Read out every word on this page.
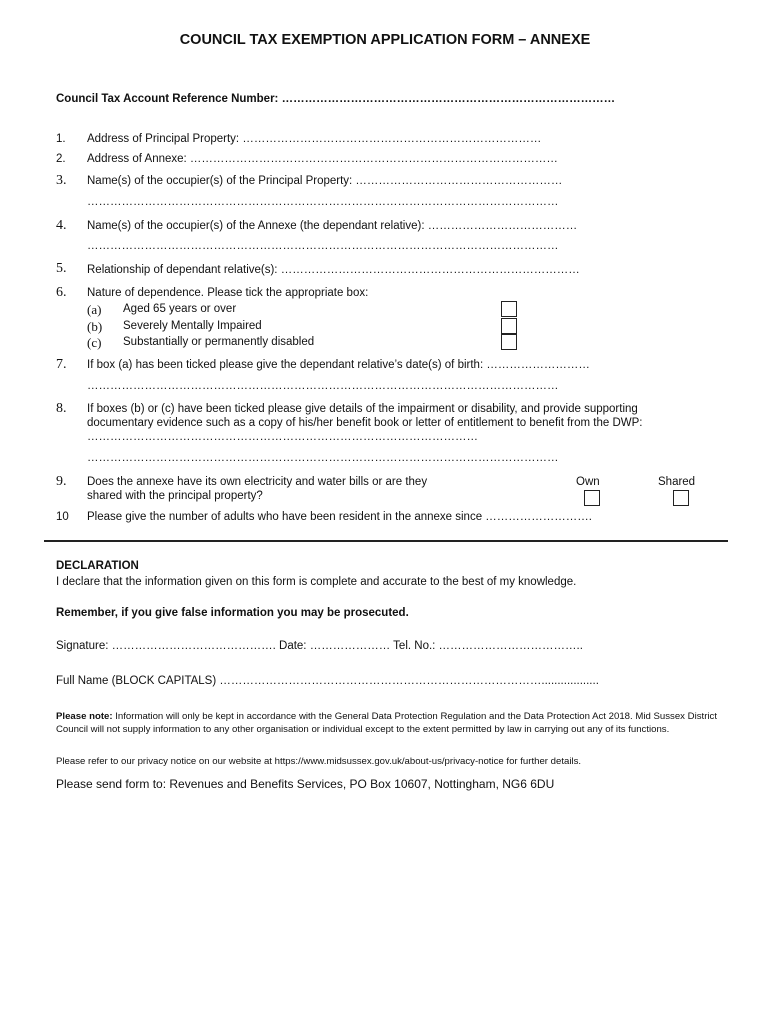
COUNCIL TAX EXEMPTION APPLICATION FORM – ANNEXE
Council Tax Account Reference Number: ……………………………………………………………………………
1. Address of Principal Property: ……………………………………………………………………
2. Address of Annexe: ……………………………………………………………………………………
3. Name(s) of the occupier(s) of the Principal Property: ………………………………………………
……………………………………………………………………………………………………………
4. Name(s) of the occupier(s) of the Annexe (the dependant relative): …………………………………
……………………………………………………………………………………………………………
5. Relationship of dependant relative(s): ……………………………………………………………………
6. Nature of dependence. Please tick the appropriate box:
(a) Aged 65 years or over
(b) Severely Mentally Impaired
(c) Substantially or permanently disabled
7. If box (a) has been ticked please give the dependant relative’s date(s) of birth: ………………………
……………………………………………………………………………………………………………
8. If boxes (b) or (c) have been ticked please give details of the impairment or disability, and provide supporting
documentary evidence such as a copy of his/her benefit book or letter of entitlement to benefit from the DWP:
…………………………………………………………………………………………
……………………………………………………………………………………………………………
9. Does the annexe have its own electricity and water bills or are they
shared with the principal property?
Own	Shared
10 Please give the number of adults who have been resident in the annexe since ……………………….
DECLARATION
I declare that the information given on this form is complete and accurate to the best of my knowledge.
Remember, if you give false information you may be prosecuted.
Signature: ……………………………………. Date: ………………… Tel. No.: ………………………………..
Full Name (BLOCK CAPITALS) …………………………………………………………………………..................
Please note: Information will only be kept in accordance with the General Data Protection Regulation and the Data Protection Act 2018. Mid Sussex District Council will not supply information to any other organisation or individual except to the extent permitted by law in carrying out any of its functions.
Please refer to our privacy notice on our website at https://www.midsussex.gov.uk/about-us/privacy-notice for further details.
Please send form to: Revenues and Benefits Services, PO Box 10607, Nottingham, NG6 6DU
